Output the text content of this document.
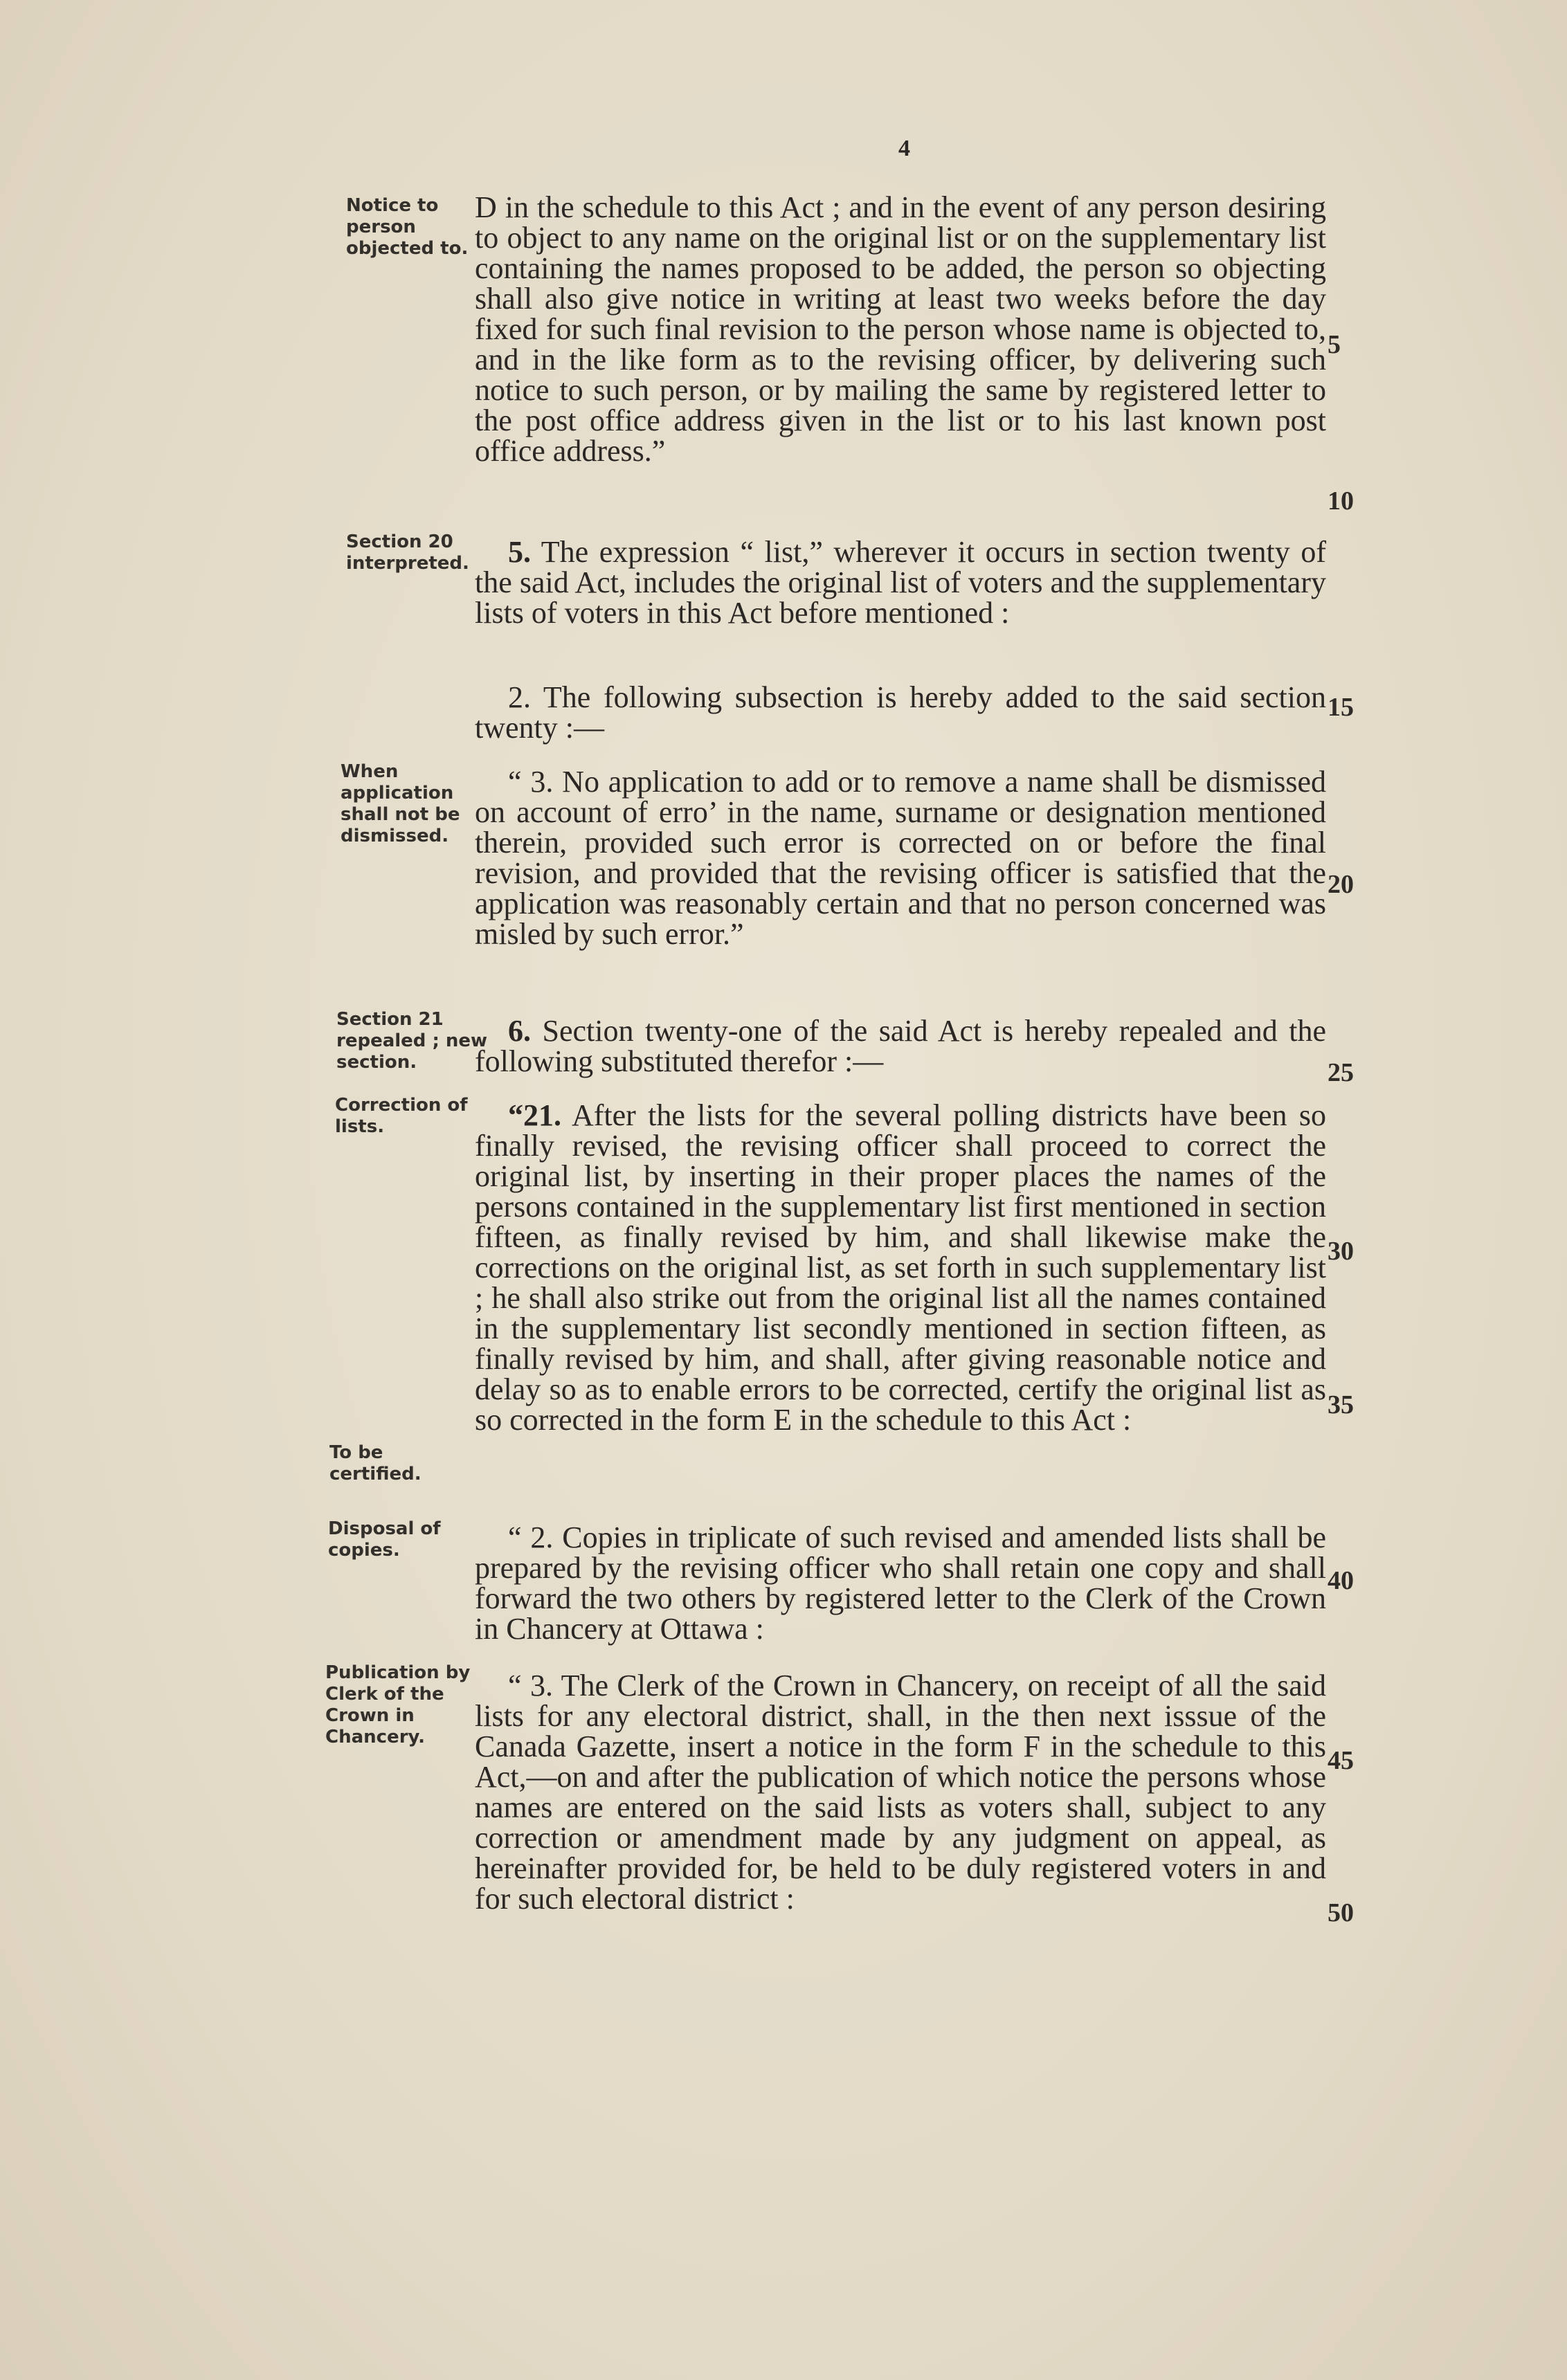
4
Notice to person objected to.
Section 20 interpreted.
When application shall not be dismissed.
Section 21 repealed ; new section.
Correction of lists.
To be certified.
Disposal of copies.
Publication by Clerk of the Crown in Chancery.
D in the schedule to this Act ; and in the event of any person desiring to object to any name on the original list or on the supplementary list containing the names proposed to be added, the person so objecting shall also give notice in writing at least two weeks before the day fixed for such final revision to the person whose name is objected to, and in the like form as to the revising officer, by delivering such notice to such person, or by mailing the same by registered letter to the post office address given in the list or to his last known post office address.”
5. The expression “ list,” wherever it occurs in section twenty of the said Act, includes the original list of voters and the supplementary lists of voters in this Act before mentioned :
2. The following subsection is hereby added to the said section twenty :—
“ 3. No application to add or to remove a name shall be dismissed on account of erro’ in the name, surname or designation mentioned therein, provided such error is corrected on or before the final revision, and provided that the revising officer is satisfied that the application was reasonably certain and that no person concerned was misled by such error.”
6. Section twenty-one of the said Act is hereby repealed and the following substituted therefor :—
“21. After the lists for the several polling districts have been so finally revised, the revising officer shall proceed to correct the original list, by inserting in their proper places the names of the persons contained in the supplementary list first mentioned in section fifteen, as finally revised by him, and shall likewise make the corrections on the original list, as set forth in such supplementary list ; he shall also strike out from the original list all the names contained in the supplementary list secondly mentioned in section fifteen, as finally revised by him, and shall, after giving reasonable notice and delay so as to enable errors to be corrected, certify the original list as so corrected in the form E in the schedule to this Act :
“ 2. Copies in triplicate of such revised and amended lists shall be prepared by the revising officer who shall retain one copy and shall forward the two others by registered letter to the Clerk of the Crown in Chancery at Ottawa :
“ 3. The Clerk of the Crown in Chancery, on receipt of all the said lists for any electoral district, shall, in the then next isssue of the Canada Gazette, insert a notice in the form F in the schedule to this Act,—on and after the publication of which notice the persons whose names are entered on the said lists as voters shall, subject to any correction or amendment made by any judgment on appeal, as hereinafter provided for, be held to be duly registered voters in and for such electoral district :
5
10
15
20
25
30
35
40
45
50
